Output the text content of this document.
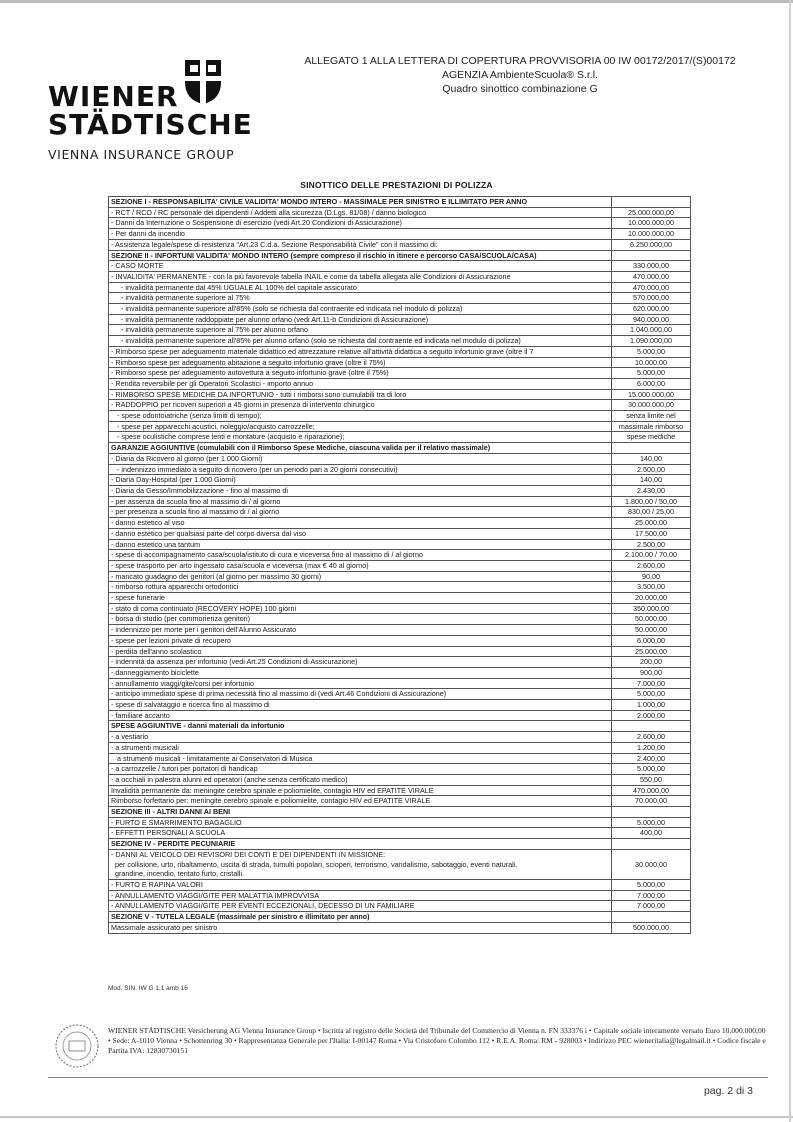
WIENER
STÄDTISCHE
VIENNA INSURANCE GROUP
ALLEGATO 1 ALLA LETTERA DI COPERTURA PROVVISORIA 00 IW 00172/2017/(S)00172
AGENZIA AmbienteScuola® S.r.l.
Quadro sinottico combinazione G
SINOTTICO DELLE PRESTAZIONI DI POLIZZA
SEZIONE I - RESPONSABILITA' CIVILE VALIDITA' MONDO INTERO - MASSIMALE PER SINISTRO E ILLIMITATO PER ANNO	
- RCT / RCO / RC personale dei dipendenti / Addetti alla sicurezza (D.Lgs. 81/08) / danno biologico	25.000.000,00
- Danni da Interruzione o Sospensione di esercizio (vedi Art.20 Condizioni di Assicurazione)	10.000.000,00
- Per danni da incendio	10.000.000,00
- Assistenza legale/spese di resistenza "Art.23 C.d.a. Sezione Responsabilità Civile" con il massimo di:	6.250.000,00
SEZIONE II - INFORTUNI VALIDITA' MONDO INTERO (sempre compreso il rischio in itinere e percorso CASA/SCUOLA/CASA)	
- CASO MORTE	330.000,00
- INVALIDITA' PERMANENTE - con la più favorevole tabella INAIL e come da tabella allegata alle Condizioni di Assicurazione	470.000,00
- invalidità permanente dal 45% UGUALE AL 100% del capitale assicurato	470.000,00
- invalidità permanente superiore al 75%	570.000,00
- invalidità permanente superiore all'85% (solo se richiesta dal contraente ed indicata nel modulo di polizza)	620.000,00
- invalidità permanente raddoppiate per alunno orfano (vedi Art.11-b Condizioni di Assicurazione)	940.000,00
- invalidità permanente superiore al 75% per alunno orfano	1.040.000,00
- invalidità permanente superiore all'85% per alunno orfano (solo se richiesta dal contraente ed indicata nel modulo di polizza)	1.090.000,00
- Rimborso spese per adeguamento materiale didattico ed attrezzature relative all'attività didattica a seguito infortunio grave (oltre il 7	5.000,00
- Rimborso spese per adeguamento abitazione a seguito infortunio grave (oltre il 75%)	10.000,00
- Rimborso spese per adeguamento autovettura a seguito infortunio grave (oltre il 75%)	5.000,00
- Rendita reversibile per gli Operatori Scolastici - importo annuo	6.000,00
- RIMBORSO SPESE MEDICHE DA INFORTUNIO - tutti i rimborsi sono cumulabili tra di loro	15.000.000,00
- RADDOPPIO per ricoveri superiori a 45 giorni in presenza di intervento chirurgico	30.000.000,00
- spese odontoiatriche (senza limiti di tempo);	senza limite nel
- spese per apparecchi acustici, noleggio/acquisto carrozzelle;	massimale rimborso
- spese oculistiche comprese lenti e montature (acquisto e riparazione);	spese mediche
GARANZIE AGGIUNTIVE (cumulabili con il Rimborso Spese Mediche, ciascuna valida per il relativo massimale)	
- Diaria da Ricovero al giorno (per 1.000 Giorni)	140,00
- indennizzo immediato a seguito di ricovero (per un periodo pari a 20 giorni consecutivi)	2.500,00
- Diaria Day-Hospital (per 1.000 Giorni)	140,00
- Diaria da Gesso/Immobilizzazione - fino al massimo di	2.430,00
- per assenza da scuola fino al massimo di / al giorno	1.800,00 / 50,00
- per presenza a scuola fino al massimo di / al giorno	830,00 / 25,00
- danno estetico al viso	25.000,00
- danno estetico per qualsiasi parte del corpo diversa dal viso	17.500,00
- danno estetico una tantum	2.500,00
- spese di accompagnamento casa/scuola/istituto di cura e viceversa fino al massimo di / al giorno	2.100,00 / 70,00
- spese trasporto per arto ingessato casa/scuola e viceversa (max € 40 al giorno)	2.600,00
- mancato guadagno dei genitori (al giorno per massimo 30 giorni)	90,00
- rimborso rottura apparecchi ortodontici	3.500,00
- spese funerarie	20.000,00
- stato di coma continuato (RECOVERY HOPE) 100 giorni	350.000,00
- borsa di studio (per commorienza genitori)	50.000,00
- indennizzo per morte per i genitori dell'Alunno Assicurato	50.000,00
- spese per lezioni private di recupero	6.000,00
- perdita dell'anno scolastico	25.000,00
- indennità da assenza per infortunio (vedi Art.25 Condizioni di Assicurazione)	200,00
- danneggiamento biciclette	900,00
- annullamento viaggi/gite/corsi per infortunio	7.000,00
- anticipo immediato spese di prima necessità fino al massimo di (vedi Art.46 Condizioni di Assicurazione)	5.000,00
- spese di salvataggio e ricerca fino al massimo di	1.000,00
- familiare accanto	2.000,00
SPESE AGGIUNTIVE - danni materiali da infortunio	
- a vestiario	2.600,00
- a strumenti musicali	1.200,00
a strumenti musicali - limitatamente ai Conservatori di Musica	2.400,00
- a carrozzelle / tutori per portatori di handicap	5.000,00
- a occhiali in palestra alunni ed operatori (anche senza certificato medico)	550,00
Invalidità permanente da: meningite cerebro spinale e poliomielite, contagio HIV ed EPATITE VIRALE	470.000,00
Rimborso forfettario per: meningite cerebro spinale e poliomielite, contagio HIV ed EPATITE VIRALE	70.000,00
SEZIONE III - ALTRI DANNI AI BENI	
- FURTO E SMARRIMENTO BAGAGLIO	5.000,00
- EFFETTI PERSONALI A SCUOLA	400,00
SEZIONE IV - PERDITE PECUNIARIE	

- DANNI AL VEICOLO DEI REVISORI DEI CONTI E DEI DIPENDENTI IN MISSIONE:
per collisione, urto, ribaltamento, uscita di strada, tumulti popolari, scioperi, terrorismo, vandalismo, sabotaggio, eventi naturali,
grandine, incendio, tentato furto, cristalli.	30.000,00
- FURTO E RAPINA VALORI	5.000,00
- ANNULLAMENTO VIAGGI/GITE PER MALATTIA IMPROVVISA	7.000,00
- ANNULLAMENTO VIAGGI/GITE PER EVENTI ECCEZIONALI, DECESSO DI UN FAMILIARE	7.000,00
SEZIONE V - TUTELA LEGALE (massimale per sinistro e illimitato per anno)	
Massimale assicurato per sinistro	500.000,00
Mod. SIN. IW G 1.1 amb 16
WIENER STÄDTISCHE Versicherung AG Vienna Insurance Group • Iscritta al registro delle Società del Tribunale del Commercio di Vienna n. FN 333376 i • Capitale sociale interamente versato Euro 10.000.000,00 • Sede: A-1010 Vienna • Schottenring 30 • Rappresentanza Generale per l'Italia: I-00147 Roma • Via Cristoforo Colombo 112 • R.E.A. Roma: RM - 928003 • Indirizzo PEC wieneritalia@legalmail.it • Codice fiscale e Partita IVA: 12830730151
pag. 2 di 3
